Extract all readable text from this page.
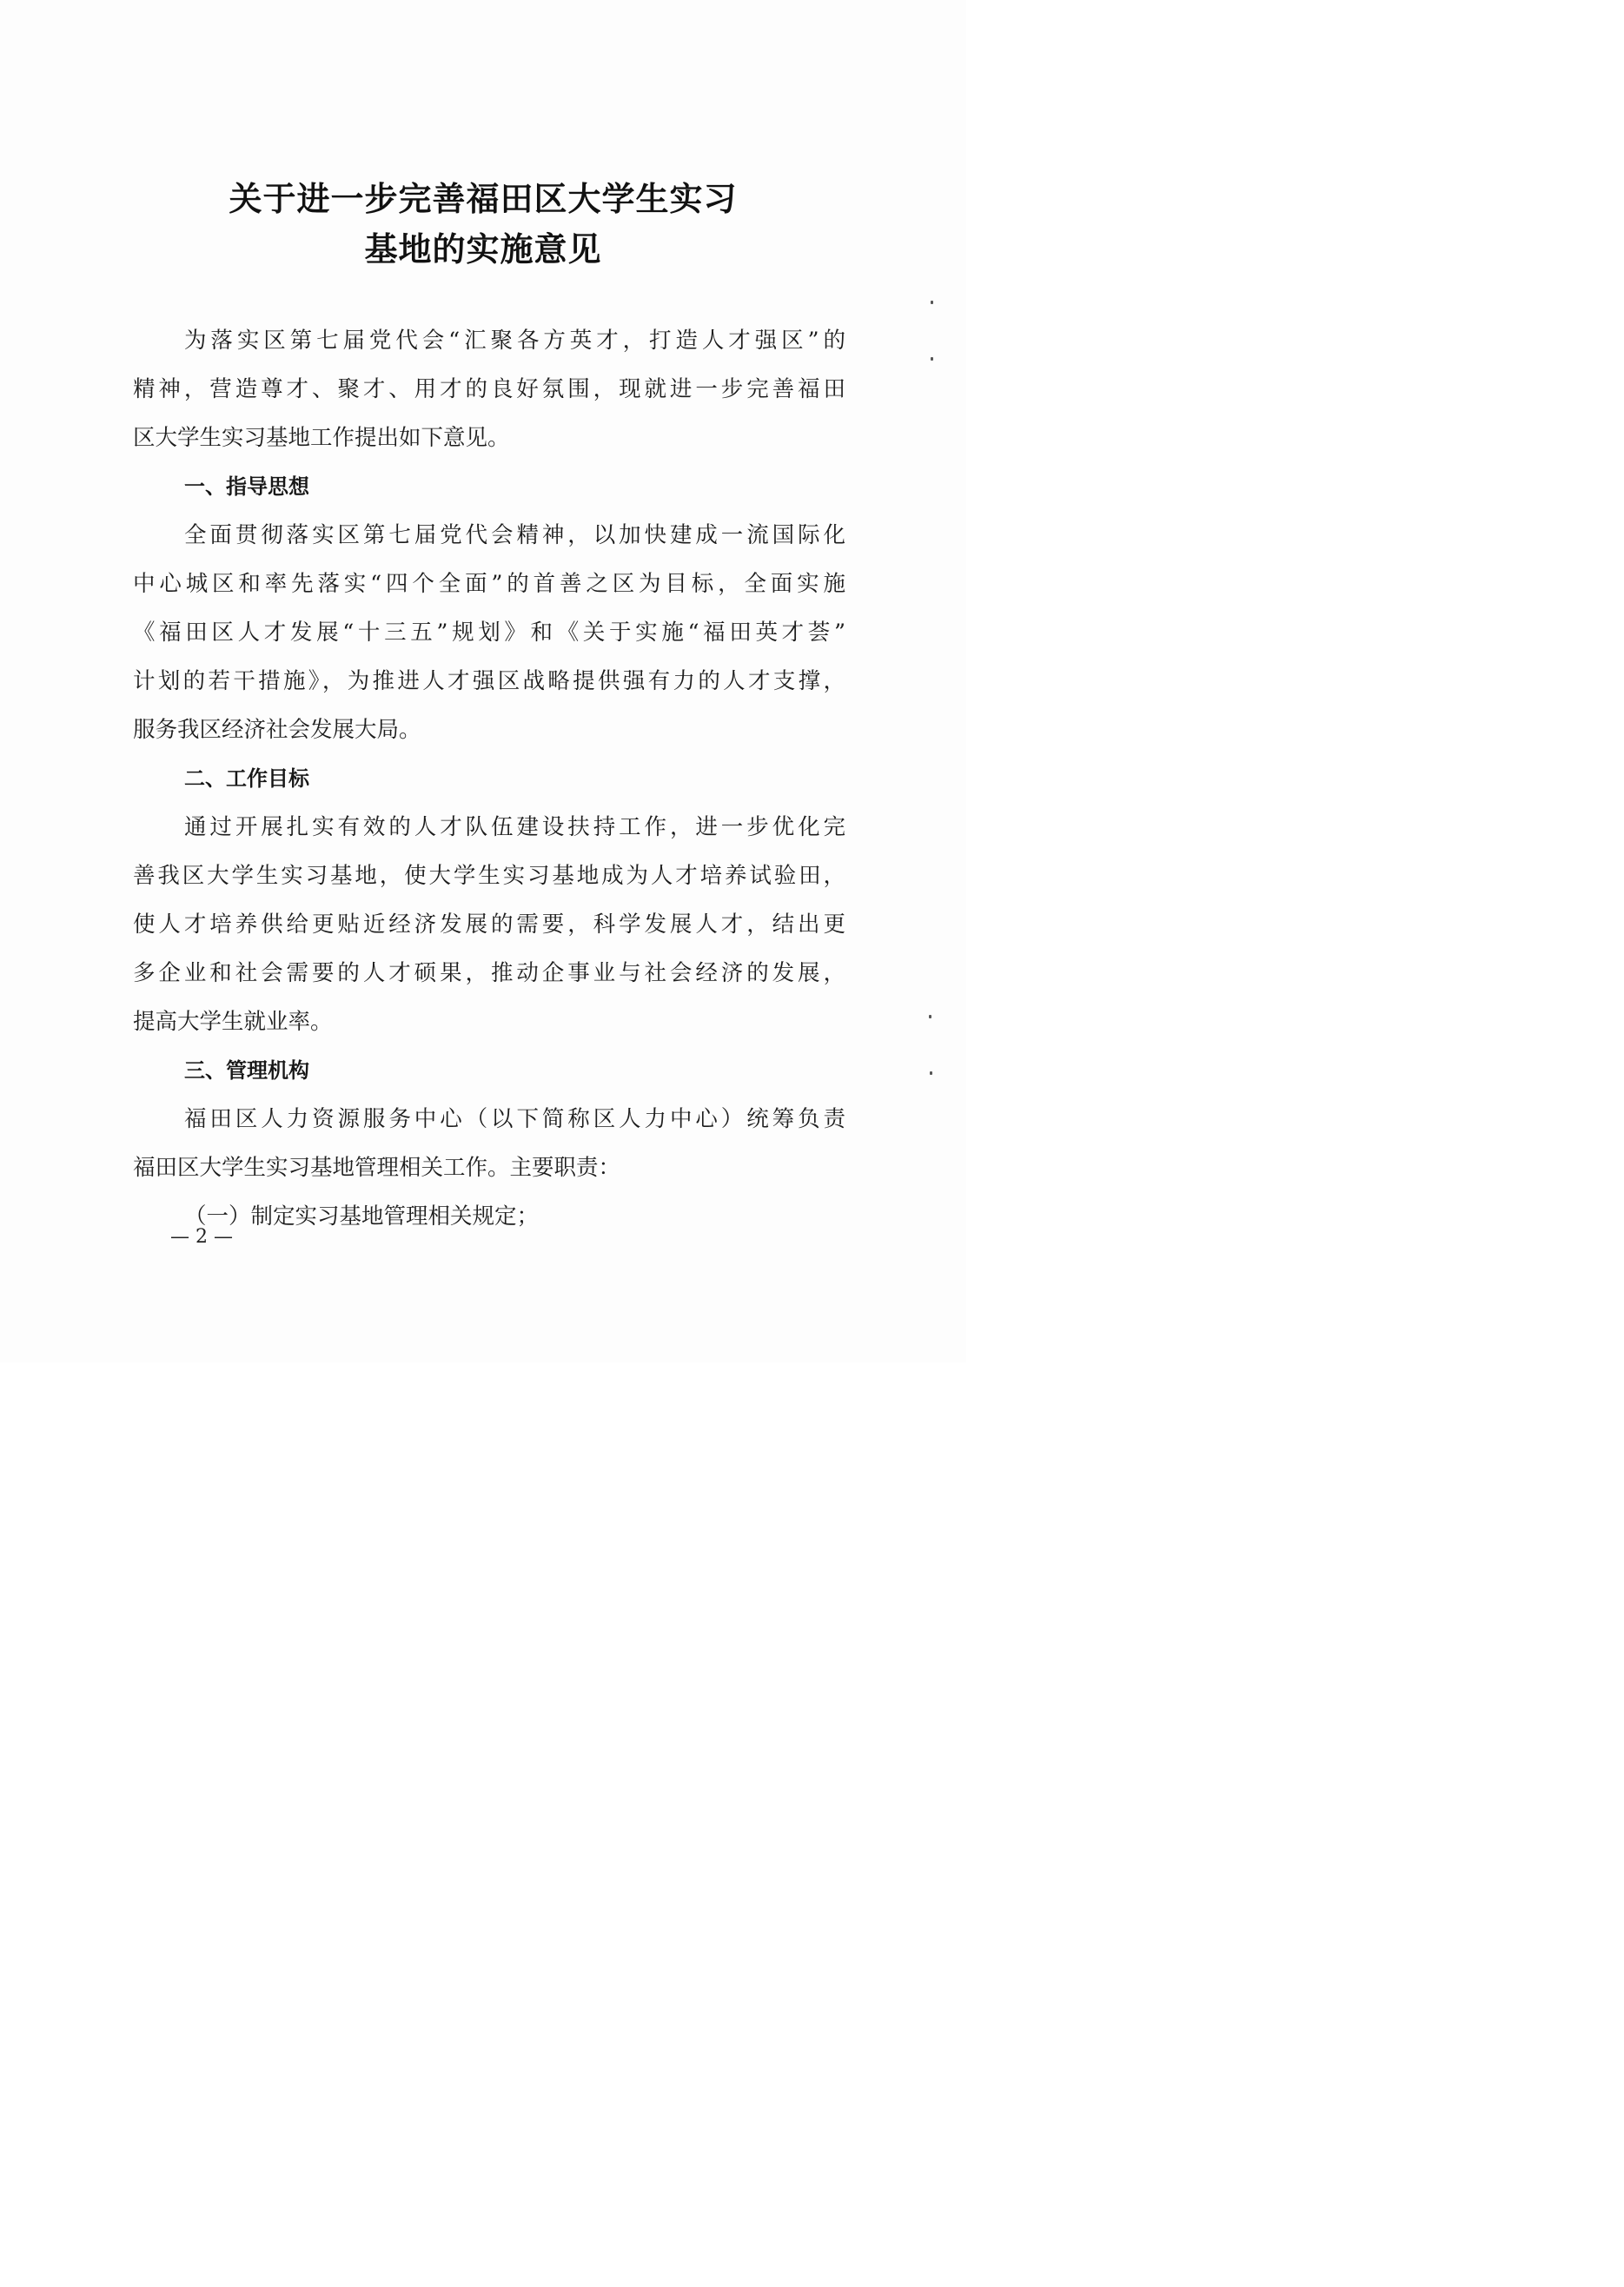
关于进一步完善福田区大学生实习
基地的实施意见
为落实区第七届党代会“汇聚各方英才，打造人才强区”的
精神，营造尊才、聚才、用才的良好氛围，现就进一步完善福田
区大学生实习基地工作提出如下意见。
一、指导思想
全面贯彻落实区第七届党代会精神，以加快建成一流国际化
中心城区和率先落实“四个全面”的首善之区为目标，全面实施
《福田区人才发展“十三五”规划》和《关于实施“福田英才荟”
计划的若干措施》，为推进人才强区战略提供强有力的人才支撑，
服务我区经济社会发展大局。
二、工作目标
通过开展扎实有效的人才队伍建设扶持工作，进一步优化完
善我区大学生实习基地，使大学生实习基地成为人才培养试验田，
使人才培养供给更贴近经济发展的需要，科学发展人才，结出更
多企业和社会需要的人才硕果，推动企事业与社会经济的发展，
提高大学生就业率。
三、管理机构
福田区人力资源服务中心（以下简称区人力中心）统筹负责
福田区大学生实习基地管理相关工作。主要职责：
（一）制定实习基地管理相关规定；
— 2 —
